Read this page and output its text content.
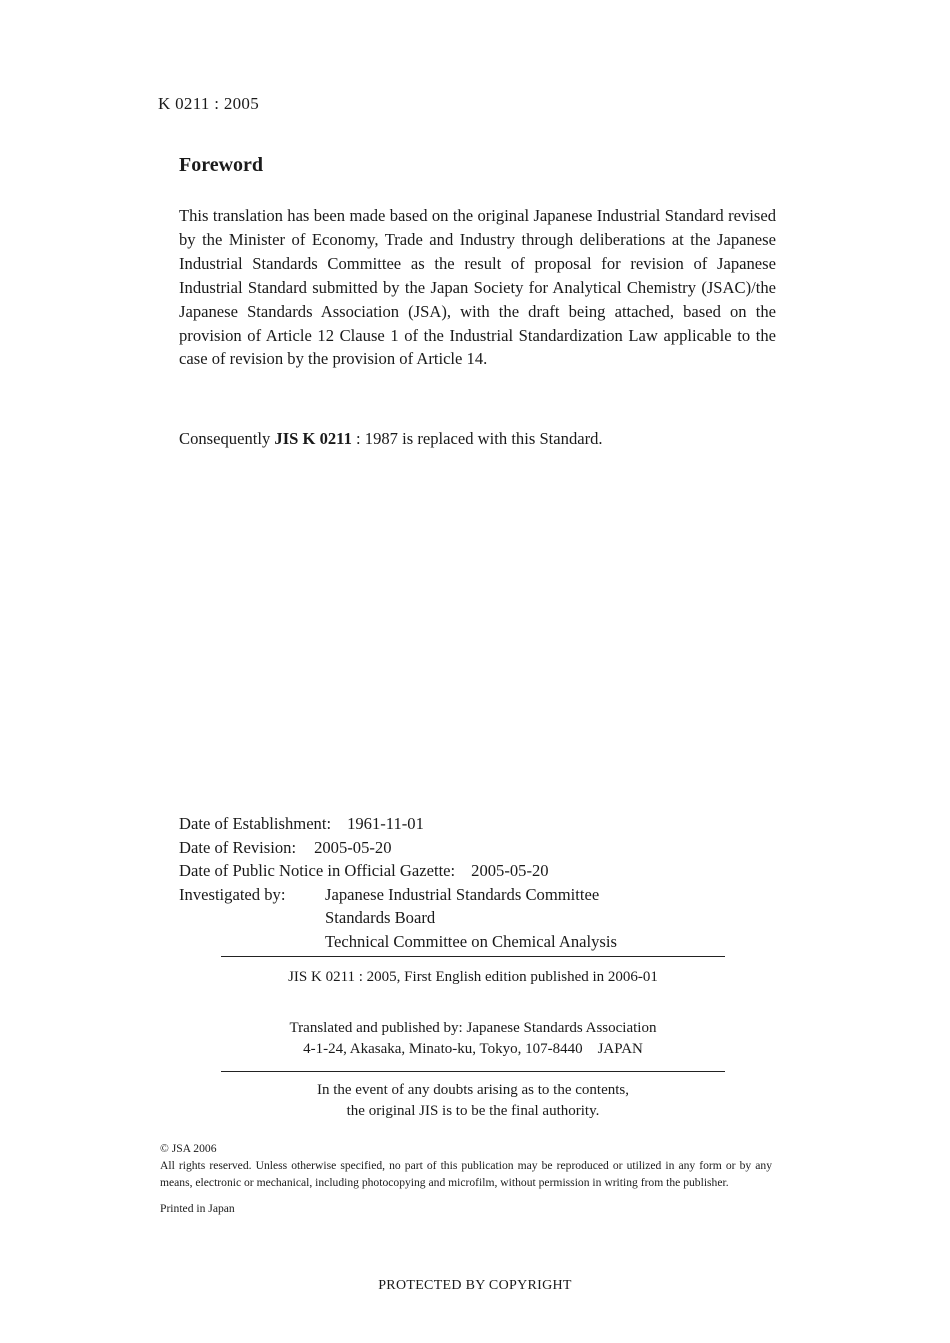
K 0211 : 2005
Foreword

This translation has been made based on the original Japanese Industrial Standard revised by the Minister of Economy, Trade and Industry through deliberations at the Japanese Industrial Standards Committee as the result of proposal for revision of Japanese Industrial Standard submitted by the Japan Society for Analytical Chemistry (JSAC)/the Japanese Standards Association (JSA), with the draft being attached, based on the provision of Article 12 Clause 1 of the Industrial Standardization Law applicable to the case of revision by the provision of Article 14.

Consequently JIS K 0211 : 1987 is replaced with this Standard.

Date of Establishment: 1961-11-01
Date of Revision: 2005-05-20
Date of Public Notice in Official Gazette: 2005-05-20
Investigated by:	Japanese Industrial Standards Committee
Standards Board
Technical Committee on Chemical Analysis
JIS K 0211 : 2005, First English edition published in 2006-01
Translated and published by: Japanese Standards Association
4-1-24, Akasaka, Minato-ku, Tokyo, 107-8440    JAPAN
In the event of any doubts arising as to the contents,
the original JIS is to be the final authority.

© JSA 2006

All rights reserved. Unless otherwise specified, no part of this publication may be reproduced or utilized in any form or by any means, electronic or mechanical, including photocopying and microfilm, without permission in writing from the publisher.

Printed in Japan

PROTECTED BY COPYRIGHT
